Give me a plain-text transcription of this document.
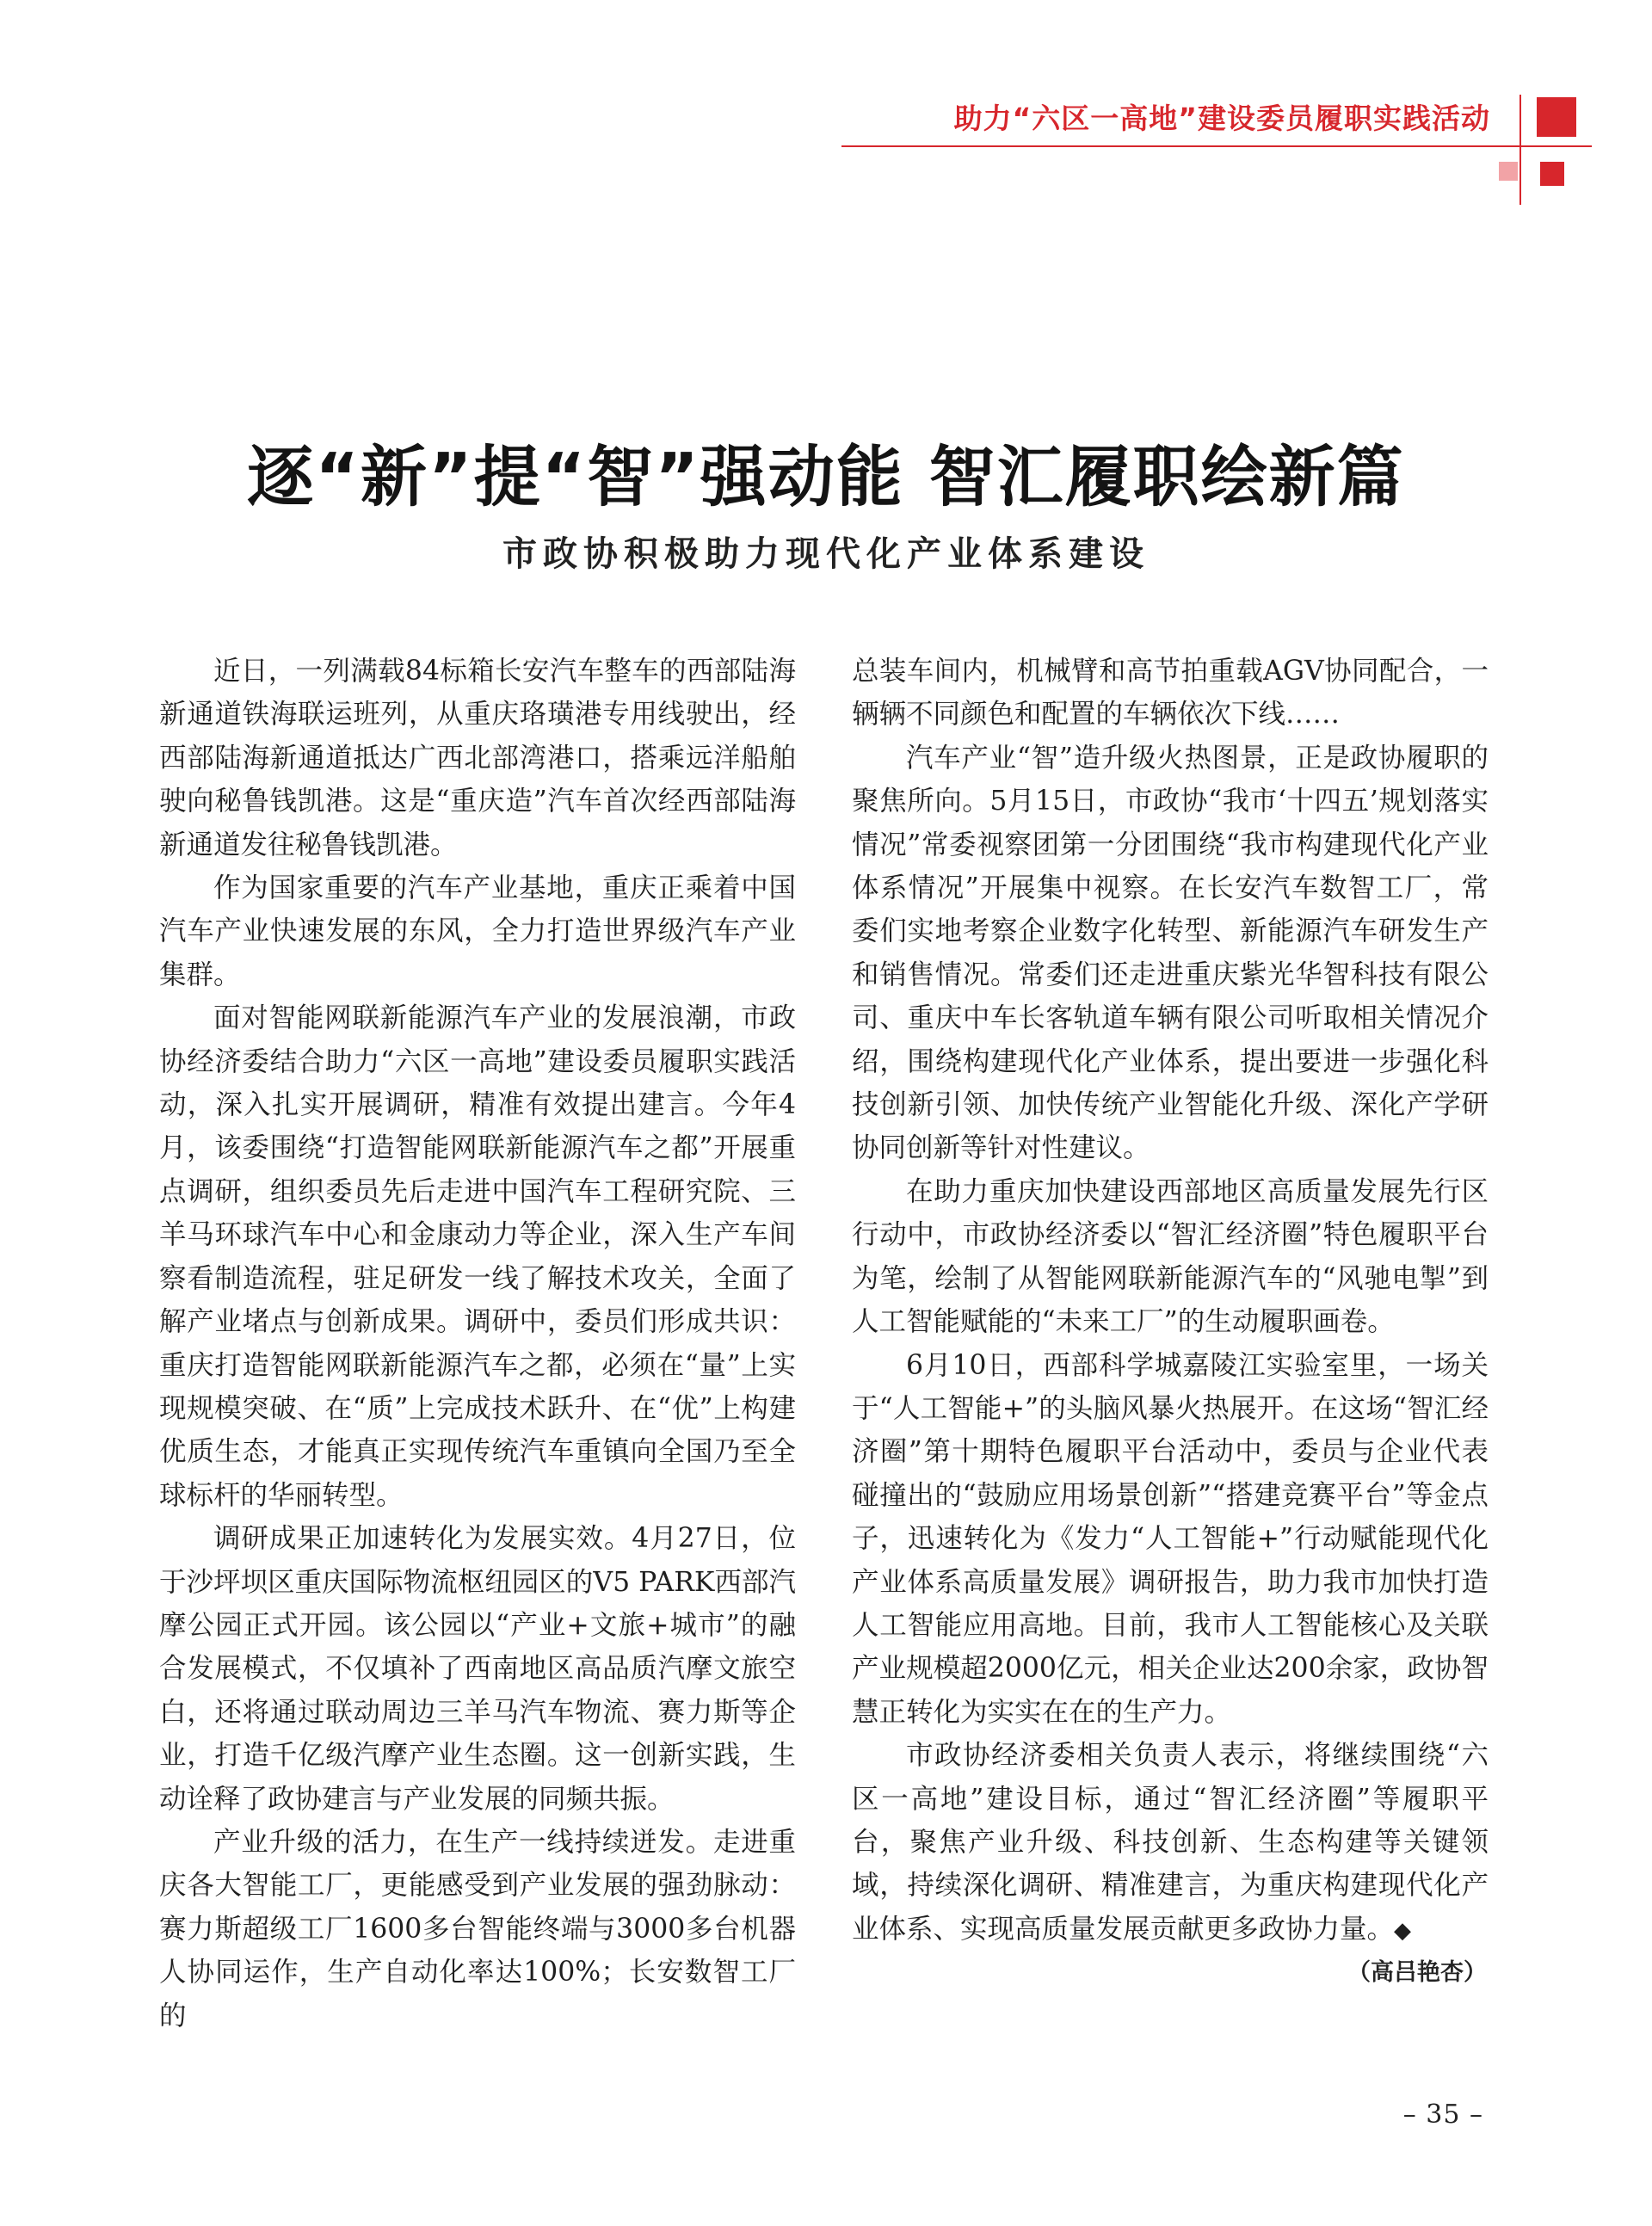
助力“六区一高地”建设委员履职实践活动
逐“新”提“智”强动能 智汇履职绘新篇
市政协积极助力现代化产业体系建设

近日，一列满载84标箱长安汽车整车的西部陆海新通道铁海联运班列，从重庆珞璜港专用线驶出，经西部陆海新通道抵达广西北部湾港口，搭乘远洋船舶驶向秘鲁钱凯港。这是“重庆造”汽车首次经西部陆海新通道发往秘鲁钱凯港。

作为国家重要的汽车产业基地，重庆正乘着中国汽车产业快速发展的东风，全力打造世界级汽车产业集群。

面对智能网联新能源汽车产业的发展浪潮，市政协经济委结合助力“六区一高地”建设委员履职实践活动，深入扎实开展调研，精准有效提出建言。今年4月，该委围绕“打造智能网联新能源汽车之都”开展重点调研，组织委员先后走进中国汽车工程研究院、三羊马环球汽车中心和金康动力等企业，深入生产车间察看制造流程，驻足研发一线了解技术攻关，全面了解产业堵点与创新成果。调研中，委员们形成共识：重庆打造智能网联新能源汽车之都，必须在“量”上实现规模突破、在“质”上完成技术跃升、在“优”上构建优质生态，才能真正实现传统汽车重镇向全国乃至全球标杆的华丽转型。

调研成果正加速转化为发展实效。4月27日，位于沙坪坝区重庆国际物流枢纽园区的V5 PARK西部汽摩公园正式开园。该公园以“产业+文旅+城市”的融合发展模式，不仅填补了西南地区高品质汽摩文旅空白，还将通过联动周边三羊马汽车物流、赛力斯等企业，打造千亿级汽摩产业生态圈。这一创新实践，生动诠释了政协建言与产业发展的同频共振。

产业升级的活力，在生产一线持续迸发。走进重庆各大智能工厂，更能感受到产业发展的强劲脉动：赛力斯超级工厂1600多台智能终端与3000多台机器人协同运作，生产自动化率达100%；长安数智工厂的

总装车间内，机械臂和高节拍重载AGV协同配合，一辆辆不同颜色和配置的车辆依次下线……

汽车产业“智”造升级火热图景，正是政协履职的聚焦所向。5月15日，市政协“我市‘十四五’规划落实情况”常委视察团第一分团围绕“我市构建现代化产业体系情况”开展集中视察。在长安汽车数智工厂，常委们实地考察企业数字化转型、新能源汽车研发生产和销售情况。常委们还走进重庆紫光华智科技有限公司、重庆中车长客轨道车辆有限公司听取相关情况介绍，围绕构建现代化产业体系，提出要进一步强化科技创新引领、加快传统产业智能化升级、深化产学研协同创新等针对性建议。

在助力重庆加快建设西部地区高质量发展先行区行动中，市政协经济委以“智汇经济圈”特色履职平台为笔，绘制了从智能网联新能源汽车的“风驰电掣”到人工智能赋能的“未来工厂”的生动履职画卷。

6月10日，西部科学城嘉陵江实验室里，一场关于“人工智能+”的头脑风暴火热展开。在这场“智汇经济圈”第十期特色履职平台活动中，委员与企业代表碰撞出的“鼓励应用场景创新”“搭建竞赛平台”等金点子，迅速转化为《发力“人工智能+”行动赋能现代化产业体系高质量发展》调研报告，助力我市加快打造人工智能应用高地。目前，我市人工智能核心及关联产业规模超2000亿元，相关企业达200余家，政协智慧正转化为实实在在的生产力。

市政协经济委相关负责人表示，将继续围绕“六区一高地”建设目标，通过“智汇经济圈”等履职平台，聚焦产业升级、科技创新、生态构建等关键领域，持续深化调研、精准建言，为重庆构建现代化产业体系、实现高质量发展贡献更多政协力量。◆

（高吕艳杏）
– 35 –
